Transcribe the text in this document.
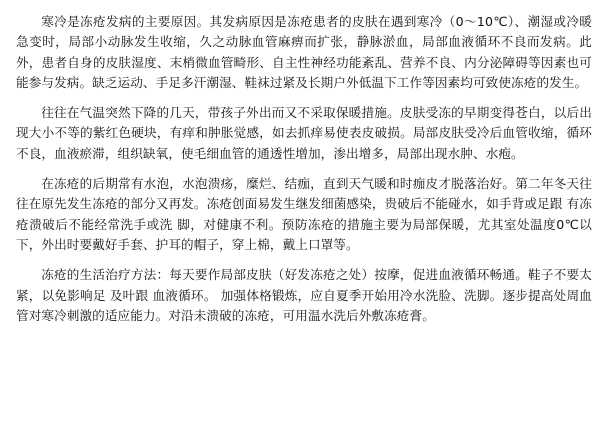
寒冷是冻疮发病的主要原因。其发病原因是冻疮患者的皮肤在遇到寒冷（0～10℃）、潮湿或冷暖急变时，局部小动脉发生收缩，久之动脉血管麻痹而扩张，静脉淤血，局部血液循环不良而发病。此外，患者自身的皮肤湿度、末梢微血管畸形、自主性神经功能紊乱、营养不良、内分泌障碍等因素也可能参与发病。缺乏运动、手足多汗潮湿、鞋袜过紧及长期户外低温下工作等因素均可致使冻疮的发生。

往往在气温突然下降的几天，带孩子外出而又不采取保暖措施。皮肤受冻的早期变得苍白，以后出现大小不等的紫红色硬块，有痒和肿胀觉感，如去抓痒易使表皮破损。局部皮肤受冷后血管收缩，循环不良，血液瘀滞，组织缺氧，使毛细血管的通透性增加，渗出增多，局部出现水肿、水疱。

在冻疮的后期常有水泡，水泡溃疡，糜烂、结痂，直到天气暖和时痂皮才脱落治好。第二年冬天往往在原先发生冻疮的部分又再发。冻疮创面易发生继发细菌感染，贵破后不能碰水，如手背或足跟 有冻疮溃破后不能经常洗手或洗 脚，对健康不利。预防冻疮的措施主要为局部保暖，尤其室处温度0℃以下，外出时要戴好手套、护耳的帽子，穿上棉，戴上口罩等。

冻疮的生活治疗方法：每天要作局部皮肤（好发冻疮之处）按摩，促进血液循环畅通。鞋子不要太紧，以免影响足 及叶跟 血液循环。 加强体格锻炼，应自夏季开始用冷水洗脸、洗脚。逐步提高处周血管对寒冷刺激的适应能力。对沿未溃破的冻疮，可用温水洗后外敷冻疮膏。
